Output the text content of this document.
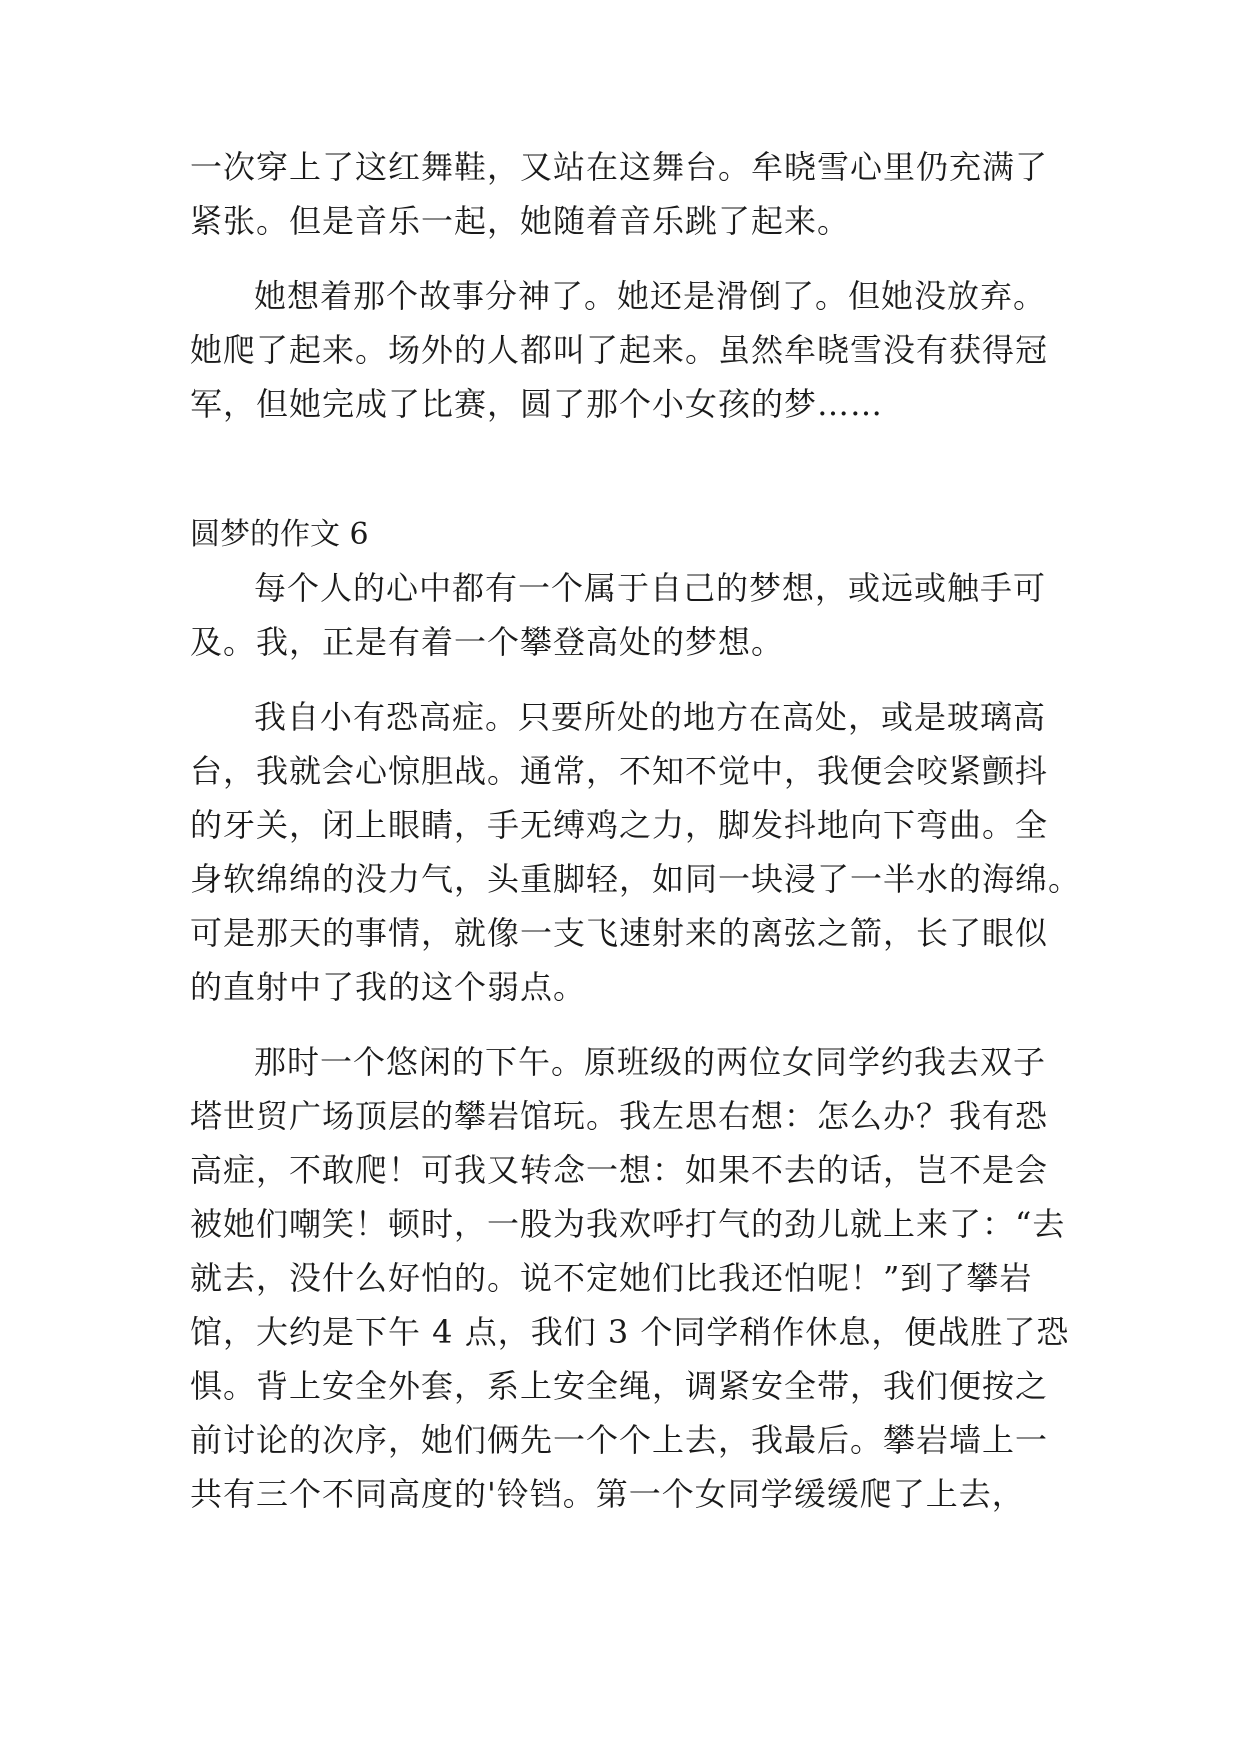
一次穿上了这红舞鞋，又站在这舞台。牟晓雪心里仍充满了
紧张。但是音乐一起，她随着音乐跳了起来。
她想着那个故事分神了。她还是滑倒了。但她没放弃。
她爬了起来。场外的人都叫了起来。虽然牟晓雪没有获得冠
军，但她完成了比赛，圆了那个小女孩的梦……
圆梦的作文 6
每个人的心中都有一个属于自己的梦想，或远或触手可
及。我，正是有着一个攀登高处的梦想。
我自小有恐高症。只要所处的地方在高处，或是玻璃高
台，我就会心惊胆战。通常，不知不觉中，我便会咬紧颤抖
的牙关，闭上眼睛，手无缚鸡之力，脚发抖地向下弯曲。全
身软绵绵的没力气，头重脚轻，如同一块浸了一半水的海绵。
可是那天的事情，就像一支飞速射来的离弦之箭，长了眼似
的直射中了我的这个弱点。
那时一个悠闲的下午。原班级的两位女同学约我去双子
塔世贸广场顶层的攀岩馆玩。我左思右想：怎么办？我有恐
高症，不敢爬！可我又转念一想：如果不去的话，岂不是会
被她们嘲笑！顿时，一股为我欢呼打气的劲儿就上来了：“去
就去，没什么好怕的。说不定她们比我还怕呢！”到了攀岩
馆，大约是下午 4 点，我们 3 个同学稍作休息，便战胜了恐
惧。背上安全外套，系上安全绳，调紧安全带，我们便按之
前讨论的次序，她们俩先一个个上去，我最后。攀岩墙上一
共有三个不同高度的'铃铛。第一个女同学缓缓爬了上去，
